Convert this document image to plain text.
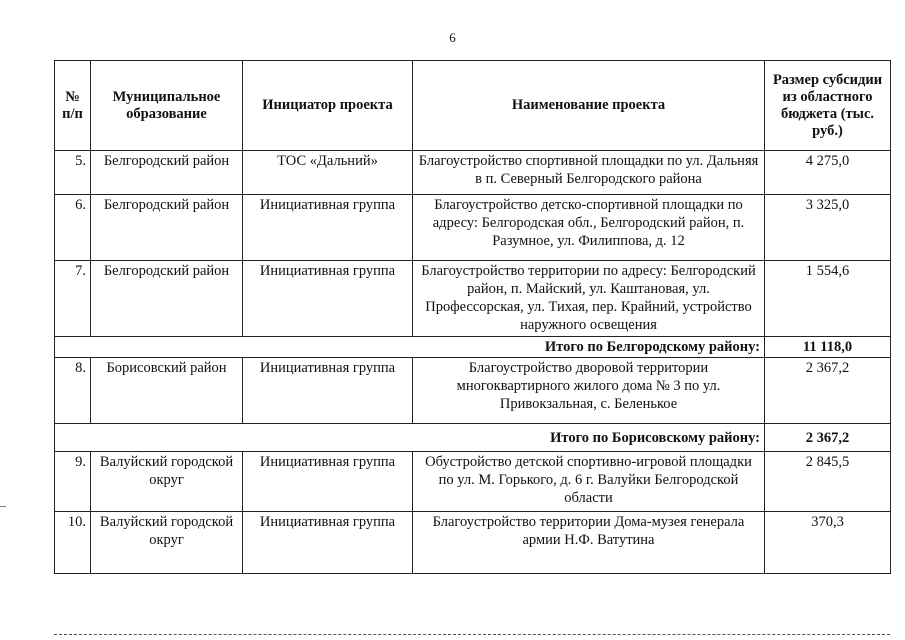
6
№ п/п	Муниципальное образование	Инициатор проекта	Наименование проекта	Размер субсидии из областного бюджета (тыс. руб.)
5.	Белгородский район	ТОС «Дальний»	Благоустройство спортивной площадки по ул. Дальняя в п. Северный Белгородского района	4 275,0
6.	Белгородский район	Инициативная группа	Благоустройство детско-спортивной площадки по адресу: Белгородская обл., Белгородский район, п. Разумное, ул. Филиппова, д. 12	3 325,0
7.	Белгородский район	Инициативная группа	Благоустройство территории по адресу: Белгородский район, п. Майский, ул. Каштановая, ул. Профессорская, ул. Тихая, пер. Крайний, устройство наружного освещения	1 554,6
Итого по Белгородскому району:				11 118,0
8.	Борисовский район	Инициативная группа	Благоустройство дворовой территории многоквартирного жилого дома № 3 по ул. Привокзальная, с. Беленькое	2 367,2
Итого по Борисовскому району:				2 367,2
9.	Валуйский городской округ	Инициативная группа	Обустройство детской спортивно-игровой площадки по ул. М. Горького, д. 6 г. Валуйки Белгородской области	2 845,5
10.	Валуйский городской округ	Инициативная группа	Благоустройство территории Дома-музея генерала армии Н.Ф. Ватутина	370,3
